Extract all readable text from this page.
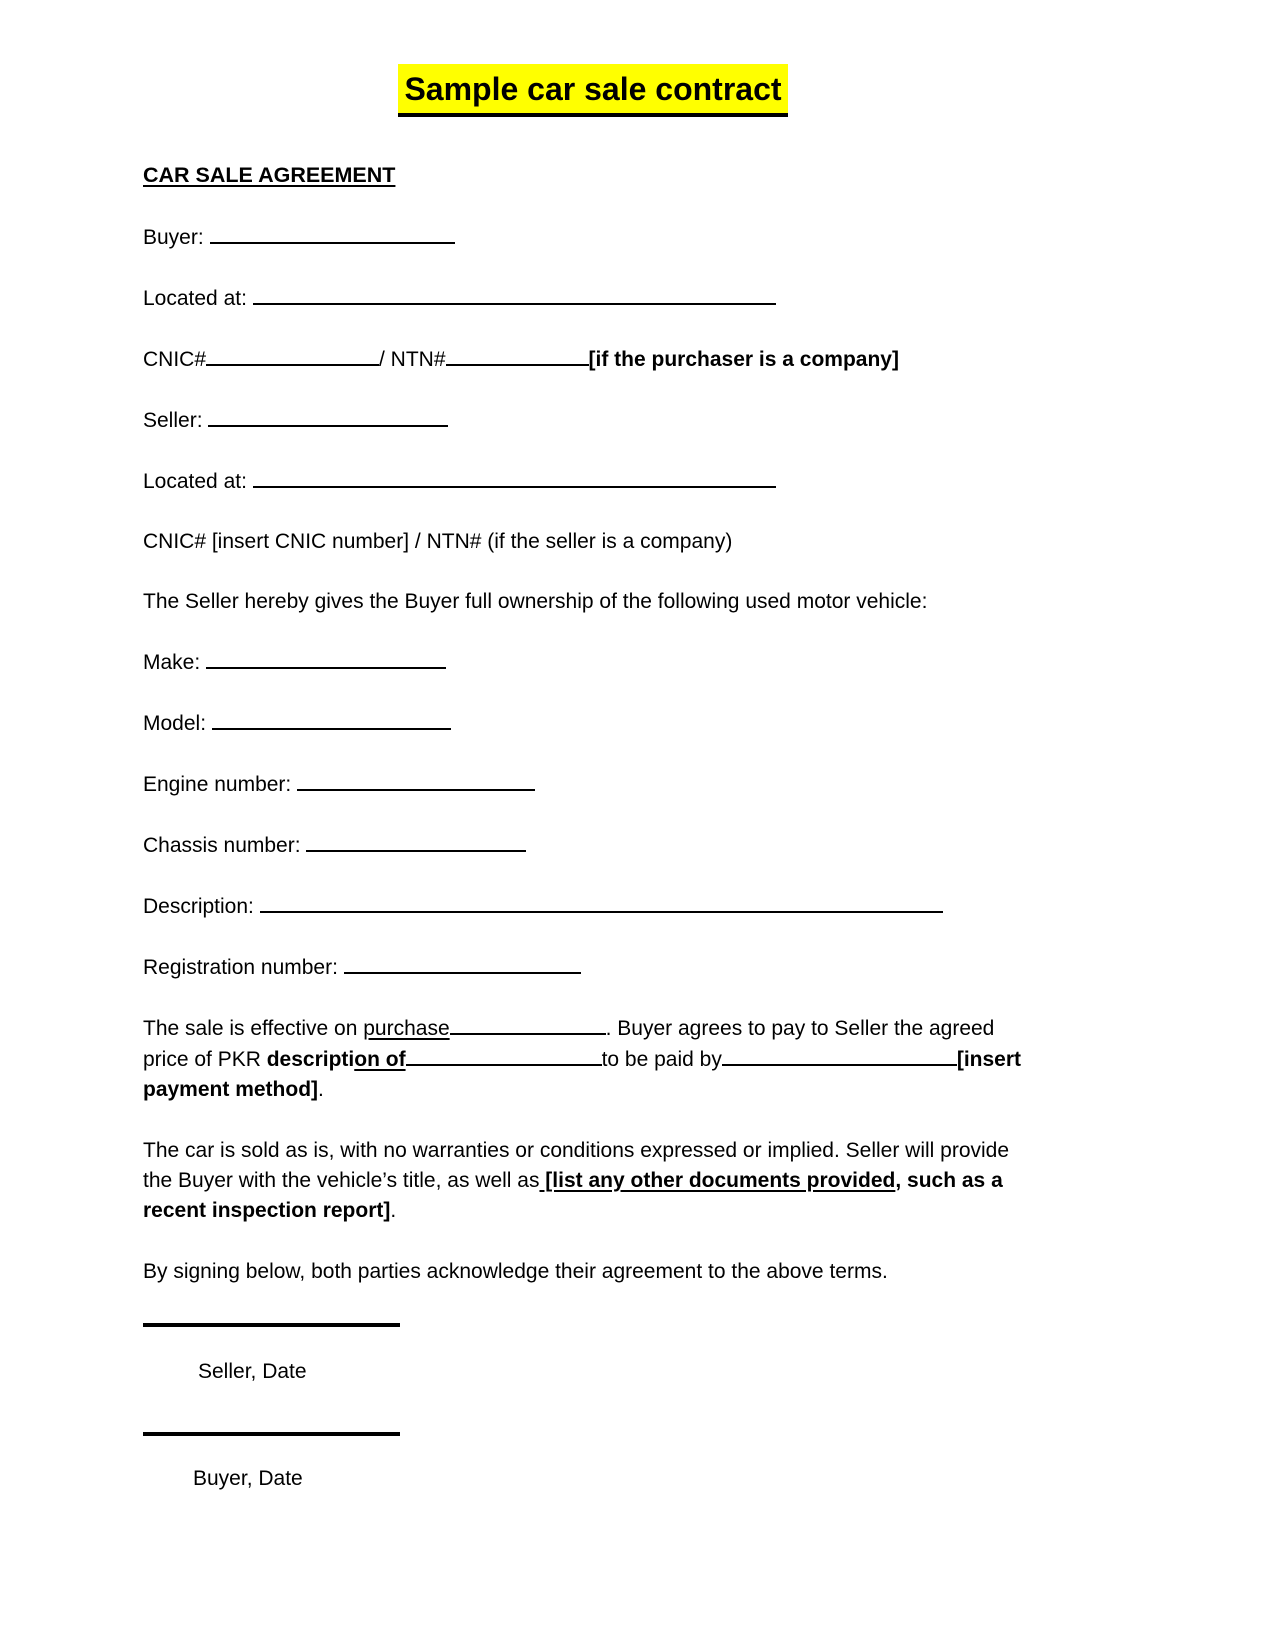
Sample car sale contract
CAR SALE AGREEMENT
Buyer:
Located at:
CNIC#	/ NTN#	[if the purchaser is a company]
Seller:
Located at:
CNIC# [insert CNIC number] / NTN# (if the seller is a company)
The Seller hereby gives the Buyer full ownership of the following used motor vehicle:
Make:
Model:
Engine number:
Chassis number:
Description:
Registration number:
The sale is effective on purchase	. Buyer agrees to pay to Seller the agreed price of PKR description of	to be paid by	[insert payment method].
The car is sold as is, with no warranties or conditions expressed or implied. Seller will provide the Buyer with the vehicle’s title, as well as [list any other documents provided, such as a recent inspection report].
By signing below, both parties acknowledge their agreement to the above terms.
Seller, Date
Buyer, Date
